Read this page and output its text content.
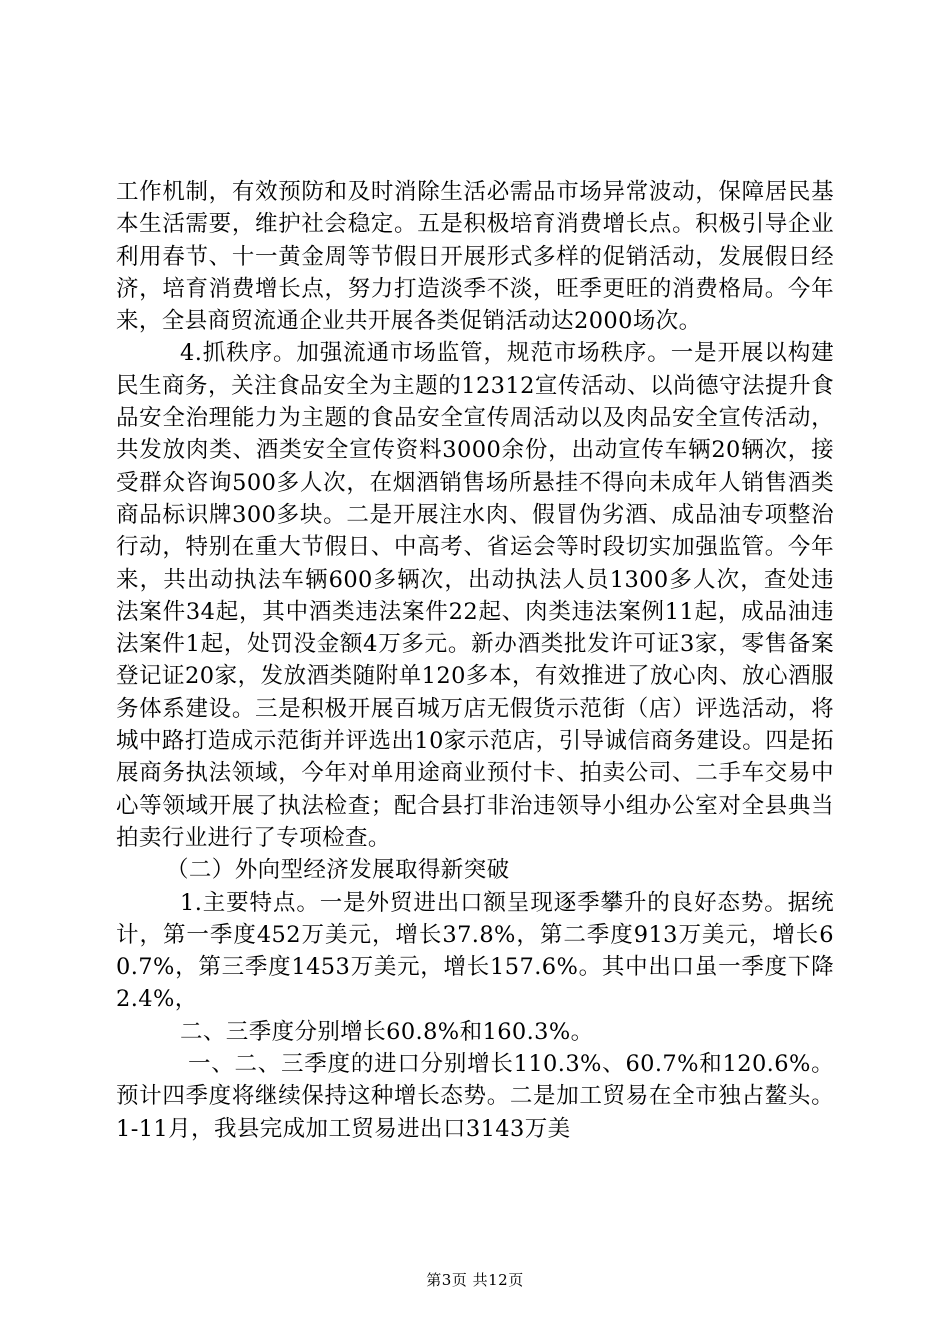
工作机制，有效预防和及时消除生活必需品市场异常波动，保障居民基本生活需要，维护社会稳定。五是积极培育消费增长点。积极引导企业利用春节、十一黄金周等节假日开展形式多样的促销活动，发展假日经济，培育消费增长点，努力打造淡季不淡，旺季更旺的消费格局。今年来，全县商贸流通企业共开展各类促销活动达2000场次。

4.抓秩序。加强流通市场监管，规范市场秩序。一是开展以构建民生商务，关注食品安全为主题的12312宣传活动、以尚德守法提升食品安全治理能力为主题的食品安全宣传周活动以及肉品安全宣传活动，共发放肉类、酒类安全宣传资料3000余份，出动宣传车辆20辆次，接受群众咨询500多人次，在烟酒销售场所悬挂不得向未成年人销售酒类商品标识牌300多块。二是开展注水肉、假冒伪劣酒、成品油专项整治行动，特别在重大节假日、中高考、省运会等时段切实加强监管。今年来，共出动执法车辆600多辆次，出动执法人员1300多人次，查处违法案件34起，其中酒类违法案件22起、肉类违法案例11起，成品油违法案件1起，处罚没金额4万多元。新办酒类批发许可证3家，零售备案登记证20家，发放酒类随附单120多本，有效推进了放心肉、放心酒服务体系建设。三是积极开展百城万店无假货示范街（店）评选活动，将城中路打造成示范街并评选出10家示范店，引导诚信商务建设。四是拓展商务执法领域，今年对单用途商业预付卡、拍卖公司、二手车交易中心等领域开展了执法检查；配合县打非治违领导小组办公室对全县典当拍卖行业进行了专项检查。

（二）外向型经济发展取得新突破

1.主要特点。一是外贸进出口额呈现逐季攀升的良好态势。据统计，第一季度452万美元，增长37.8%，第二季度913万美元，增长60.7%，第三季度1453万美元，增长157.6%。其中出口虽一季度下降2.4%，

二、三季度分别增长60.8%和160.3%。

一、二、三季度的进口分别增长110.3%、60.7%和120.6%。预计四季度将继续保持这种增长态势。二是加工贸易在全市独占鳌头。1-11月，我县完成加工贸易进出口3143万美

第3页 共12页
